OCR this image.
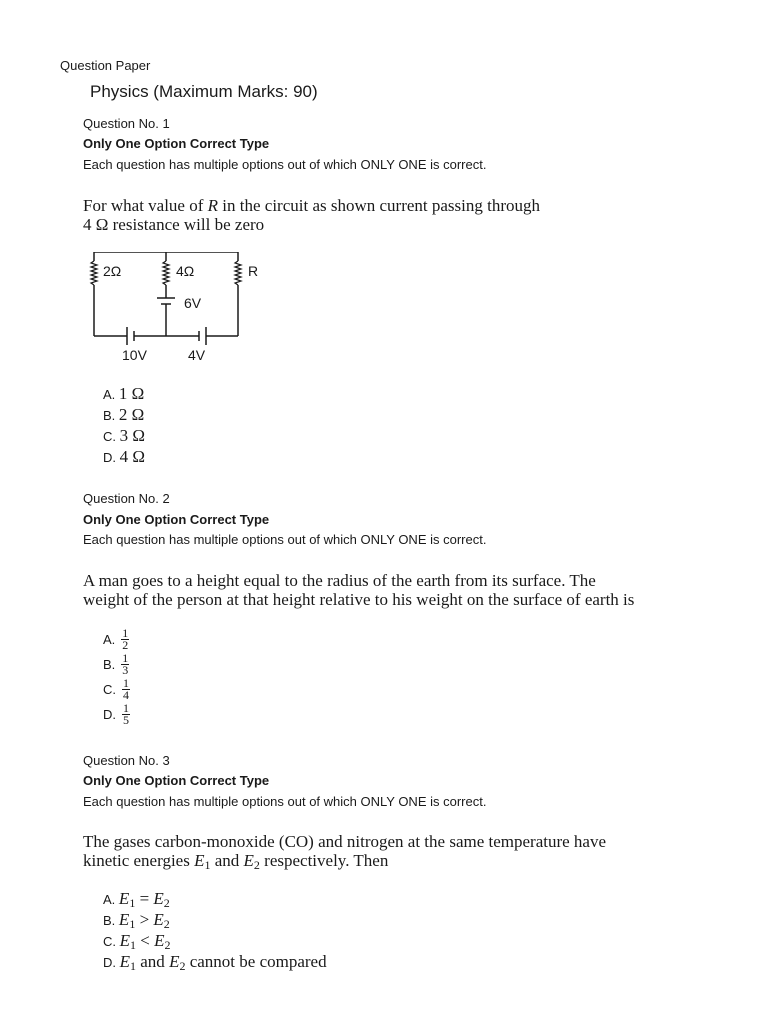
Question Paper
Physics (Maximum Marks: 90)
Question No. 1
Only One Option Correct Type
Each question has multiple options out of which ONLY ONE is correct.
For what value of R in the circuit as shown current passing through
4 Ω resistance will be zero
2Ω	4Ω	R
6V
10V	4V
A. 1 Ω
B. 2 Ω
C. 3 Ω
D. 4 Ω
Question No. 2
Only One Option Correct Type
Each question has multiple options out of which ONLY ONE is correct.
A man goes to a height equal to the radius of the earth from its surface. The
weight of the person at that height relative to his weight on the surface of earth is
A. $\frac{1}{2}$
B. $\frac{1}{3}$
C. $\frac{1}{4}$
D. $\frac{1}{5}$
Question No. 3
Only One Option Correct Type
Each question has multiple options out of which ONLY ONE is correct.
The gases carbon-monoxide (CO) and nitrogen at the same temperature have
kinetic energies $E_1$ and $E_2$ respectively. Then
A. $E_1 = E_2$
B. $E_1 > E_2$
C. $E_1 < E_2$
D. $E_1$ and $E_2$ cannot be compared
